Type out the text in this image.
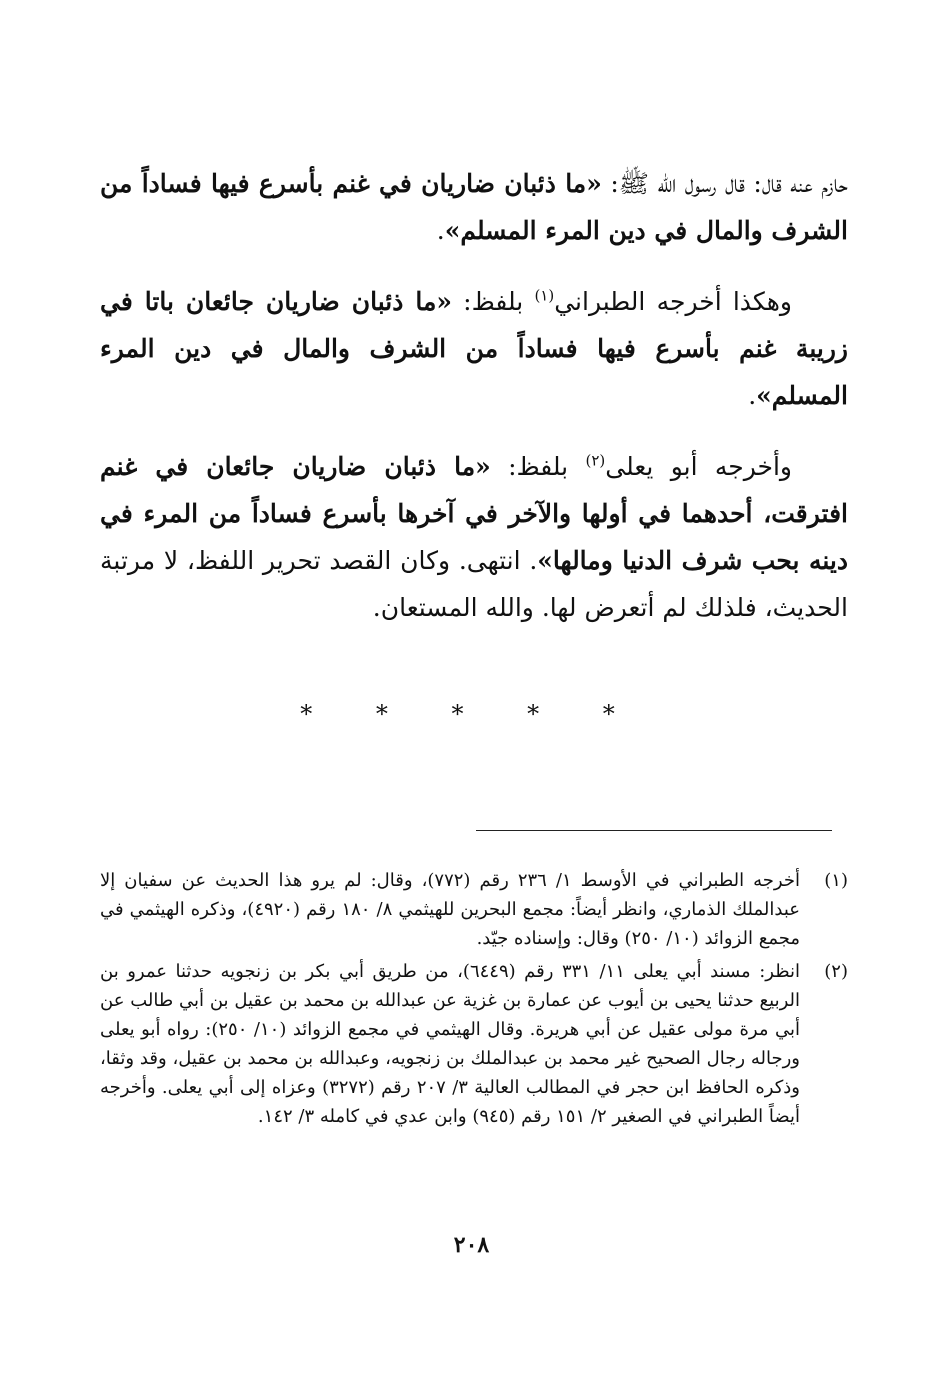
حازم عنه قال: قال رسول الله ﷺ: «ما ذئبان ضاريان في غنم بأسرع فيها فساداً من الشرف والمال في دين المرء المسلم».

وهكذا أخرجه الطبراني$^{(١)}$ بلفظ: «ما ذئبان ضاريان جائعان باتا في زريبة غنم بأسرع فيها فساداً من الشرف والمال في دين المرء المسلم».

وأخرجه أبو يعلى$^{(٢)}$ بلفظ: «ما ذئبان ضاريان جائعان في غنم افترقت، أحدهما في أولها والآخر في آخرها بأسرع فساداً من المرء في دينه بحب شرف الدنيا ومالها». انتهى. وكان القصد تحرير اللفظ، لا مرتبة الحديث، فلذلك لم أتعرض لها. والله المستعان.

* * * * *
(١)
أخرجه الطبراني في الأوسط ١/ ٢٣٦ رقم (٧٧٢)، وقال: لم يرو هذا الحديث عن سفيان إلا عبدالملك الذماري، وانظر أيضاً: مجمع البحرين للهيثمي ٨/ ١٨٠ رقم (٤٩٢٠)، وذكره الهيثمي في مجمع الزوائد (١٠/ ٢٥٠) وقال: وإسناده جيّد.
(٢)
انظر: مسند أبي يعلى ١١/ ٣٣١ رقم (٦٤٤٩)، من طريق أبي بكر بن زنجويه حدثنا عمرو بن الربيع حدثنا يحيى بن أيوب عن عمارة بن غزية عن عبدالله بن محمد بن عقيل بن أبي طالب عن أبي مرة مولى عقيل عن أبي هريرة. وقال الهيثمي في مجمع الزوائد (١٠/ ٢٥٠): رواه أبو يعلى ورجاله رجال الصحيح غير محمد بن عبدالملك بن زنجويه، وعبدالله بن محمد بن عقيل، وقد وثقا، وذكره الحافظ ابن حجر في المطالب العالية ٣/ ٢٠٧ رقم (٣٢٧٢) وعزاه إلى أبي يعلى. وأخرجه أيضاً الطبراني في الصغير ٢/ ١٥١ رقم (٩٤٥) وابن عدي في كامله ٣/ ١٤٢.
٢٠٨
